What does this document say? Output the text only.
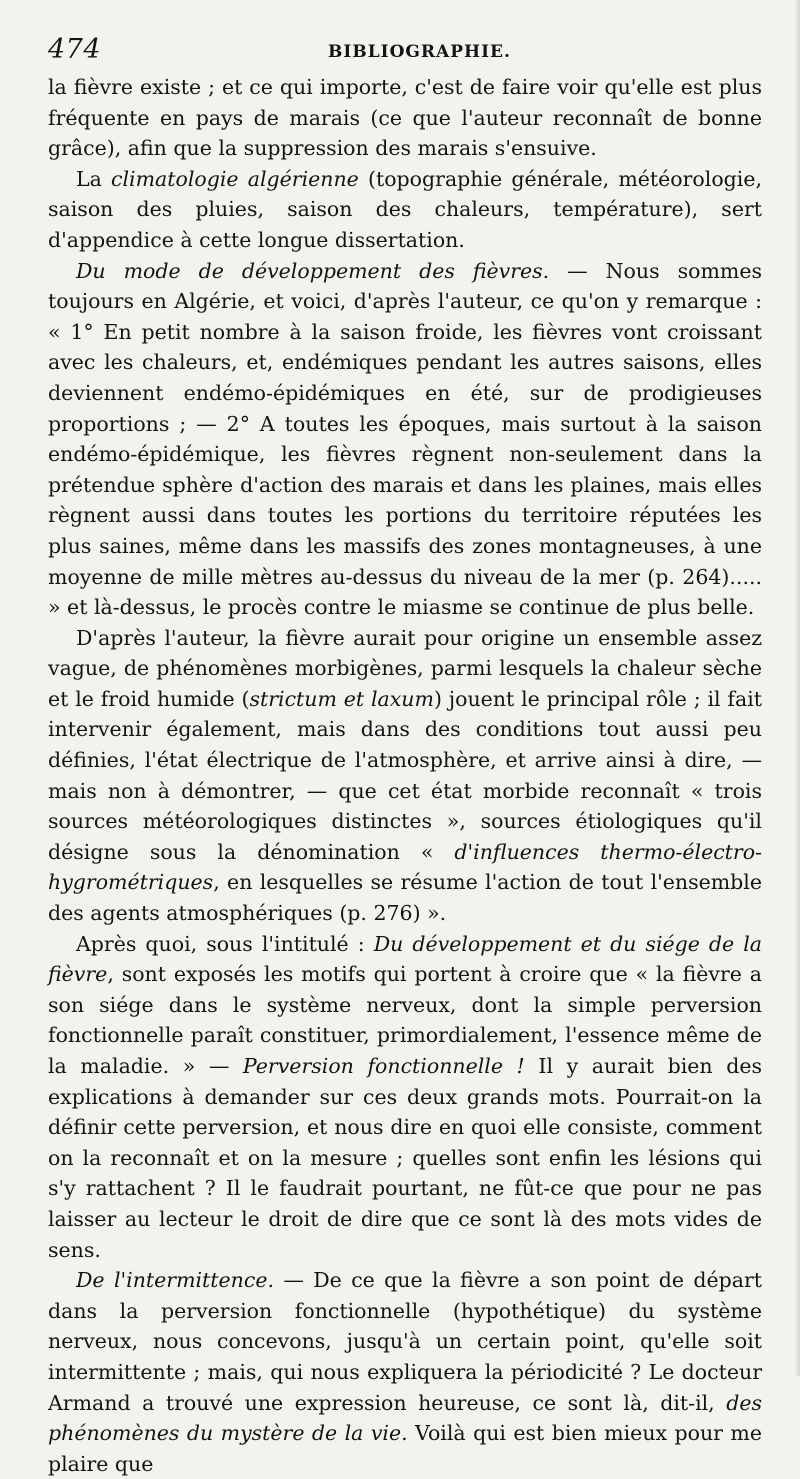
474	BIBLIOGRAPHIE.

la fièvre existe ; et ce qui importe, c'est de faire voir qu'elle est plus fréquente en pays de marais (ce que l'auteur reconnaît de bonne grâce), afin que la suppression des marais s'ensuive.

La climatologie algérienne (topographie générale, météorologie, saison des pluies, saison des chaleurs, température), sert d'appendice à cette longue dissertation.

Du mode de développement des fièvres. — Nous sommes toujours en Algérie, et voici, d'après l'auteur, ce qu'on y remarque : « 1° En petit nombre à la saison froide, les fièvres vont croissant avec les chaleurs, et, endémiques pendant les autres saisons, elles deviennent endémo-épidémiques en été, sur de prodigieuses proportions ; — 2° A toutes les époques, mais surtout à la saison endémo-épidémique, les fièvres règnent non-seulement dans la prétendue sphère d'action des marais et dans les plaines, mais elles règnent aussi dans toutes les portions du territoire réputées les plus saines, même dans les massifs des zones montagneuses, à une moyenne de mille mètres au-dessus du niveau de la mer (p. 264)..... » et là-dessus, le procès contre le miasme se continue de plus belle.

D'après l'auteur, la fièvre aurait pour origine un ensemble assez vague, de phénomènes morbigènes, parmi lesquels la chaleur sèche et le froid humide (strictum et laxum) jouent le principal rôle ; il fait intervenir également, mais dans des conditions tout aussi peu définies, l'état électrique de l'atmosphère, et arrive ainsi à dire, — mais non à démontrer, — que cet état morbide reconnaît « trois sources météorologiques distinctes », sources étiologiques qu'il désigne sous la dénomination « d'influences thermo-électro-hygrométriques, en lesquelles se résume l'action de tout l'ensemble des agents atmosphériques (p. 276) ».

Après quoi, sous l'intitulé : Du développement et du siége de la fièvre, sont exposés les motifs qui portent à croire que « la fièvre a son siége dans le système nerveux, dont la simple perversion fonctionnelle paraît constituer, primordialement, l'essence même de la maladie. » — Perversion fonctionnelle ! Il y aurait bien des explications à demander sur ces deux grands mots. Pourrait-on la définir cette perversion, et nous dire en quoi elle consiste, comment on la reconnaît et on la mesure ; quelles sont enfin les lésions qui s'y rattachent ? Il le faudrait pourtant, ne fût-ce que pour ne pas laisser au lecteur le droit de dire que ce sont là des mots vides de sens.

De l'intermittence. — De ce que la fièvre a son point de départ dans la perversion fonctionnelle (hypothétique) du système nerveux, nous concevons, jusqu'à un certain point, qu'elle soit intermittente ; mais, qui nous expliquera la périodicité ? Le docteur Armand a trouvé une expression heureuse, ce sont là, dit-il, des phénomènes du mystère de la vie. Voilà qui est bien mieux pour me plaire que
